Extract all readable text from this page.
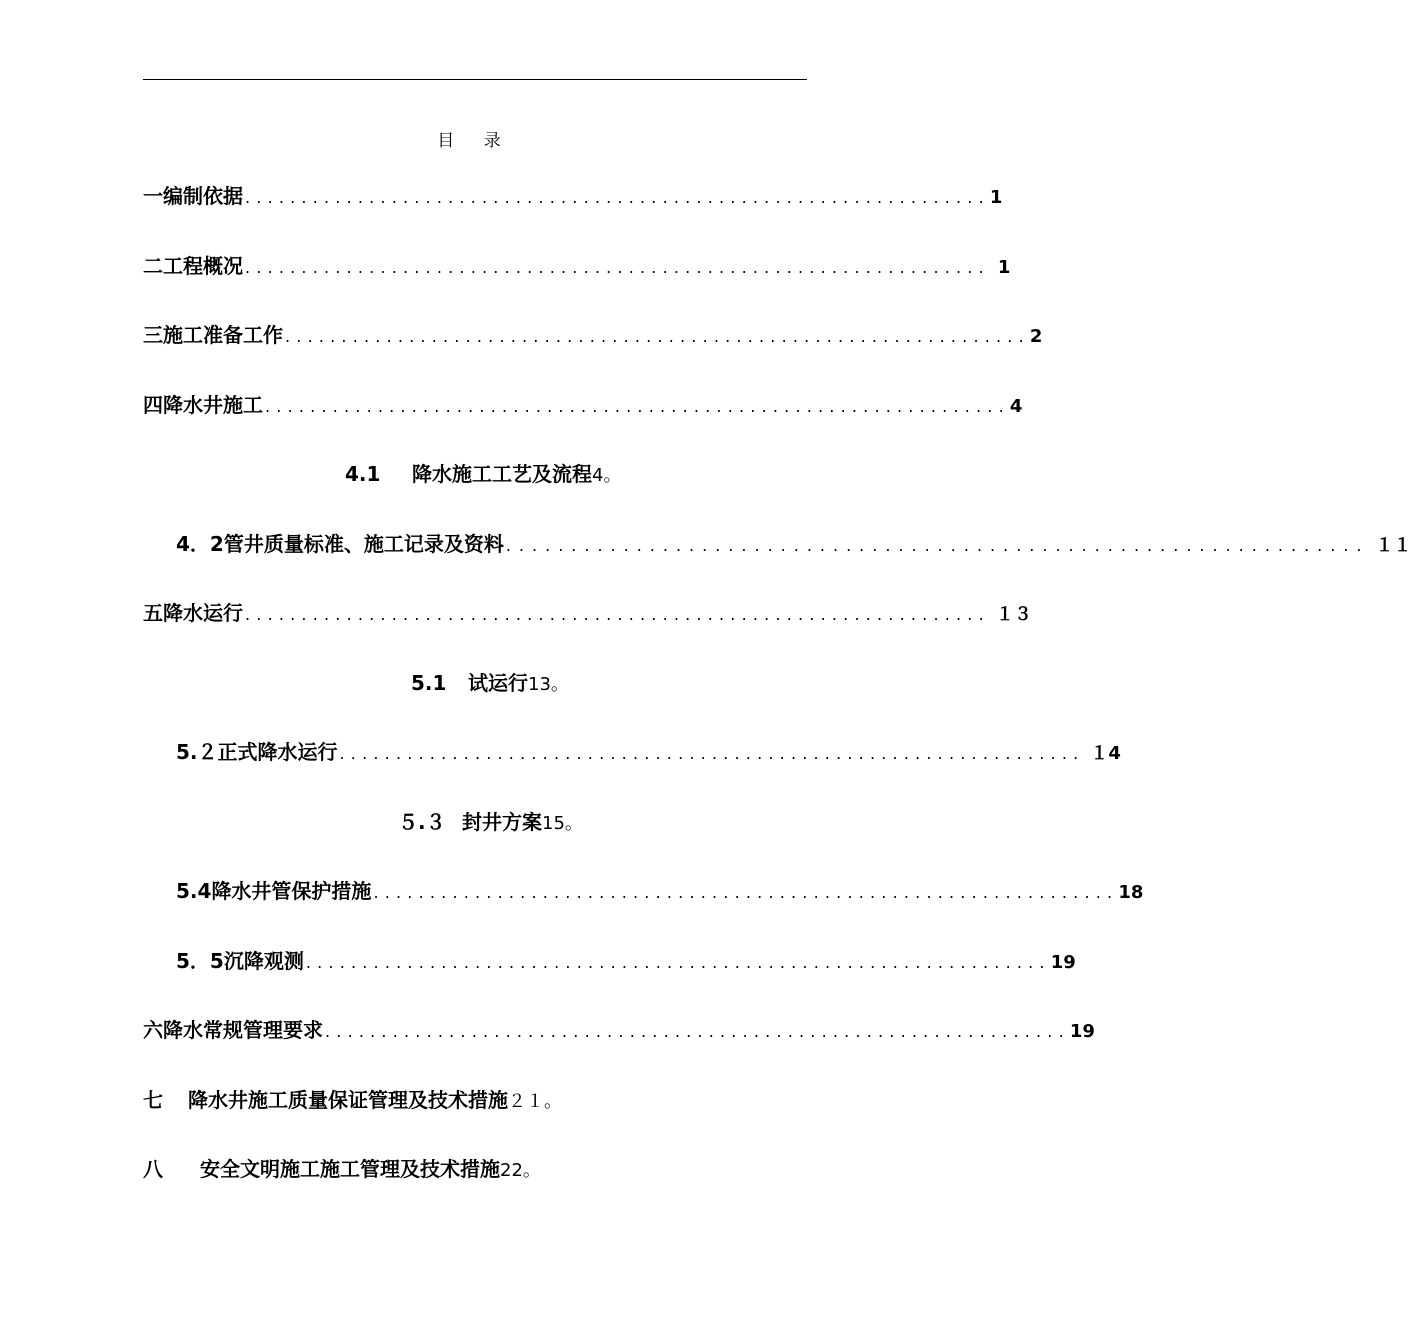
目 录
一 编制依据 .................................................................. 1
二 工程概况 .................................................................. 1
三 施工准备工作 .................................................................. 2
四 降水井施工 .................................................................. 4
4.1 降水施工工艺及流程4。
4．2 管井质量标准、施工记录及资料 .................................................................. １１
五 降水运行 .................................................................. １３
5.1 试运行13。
5.２ 正式降水运行 .................................................................. １4
５.３ 封井方案15。
5.4 降水井管保护措施 .................................................................. 18
5．5 沉降观测 .................................................................. 19
六 降水常规管理要求 .................................................................. 19
七 降水井施工质量保证管理及技术措施２１。
八 安全文明施工施工管理及技术措施22。
